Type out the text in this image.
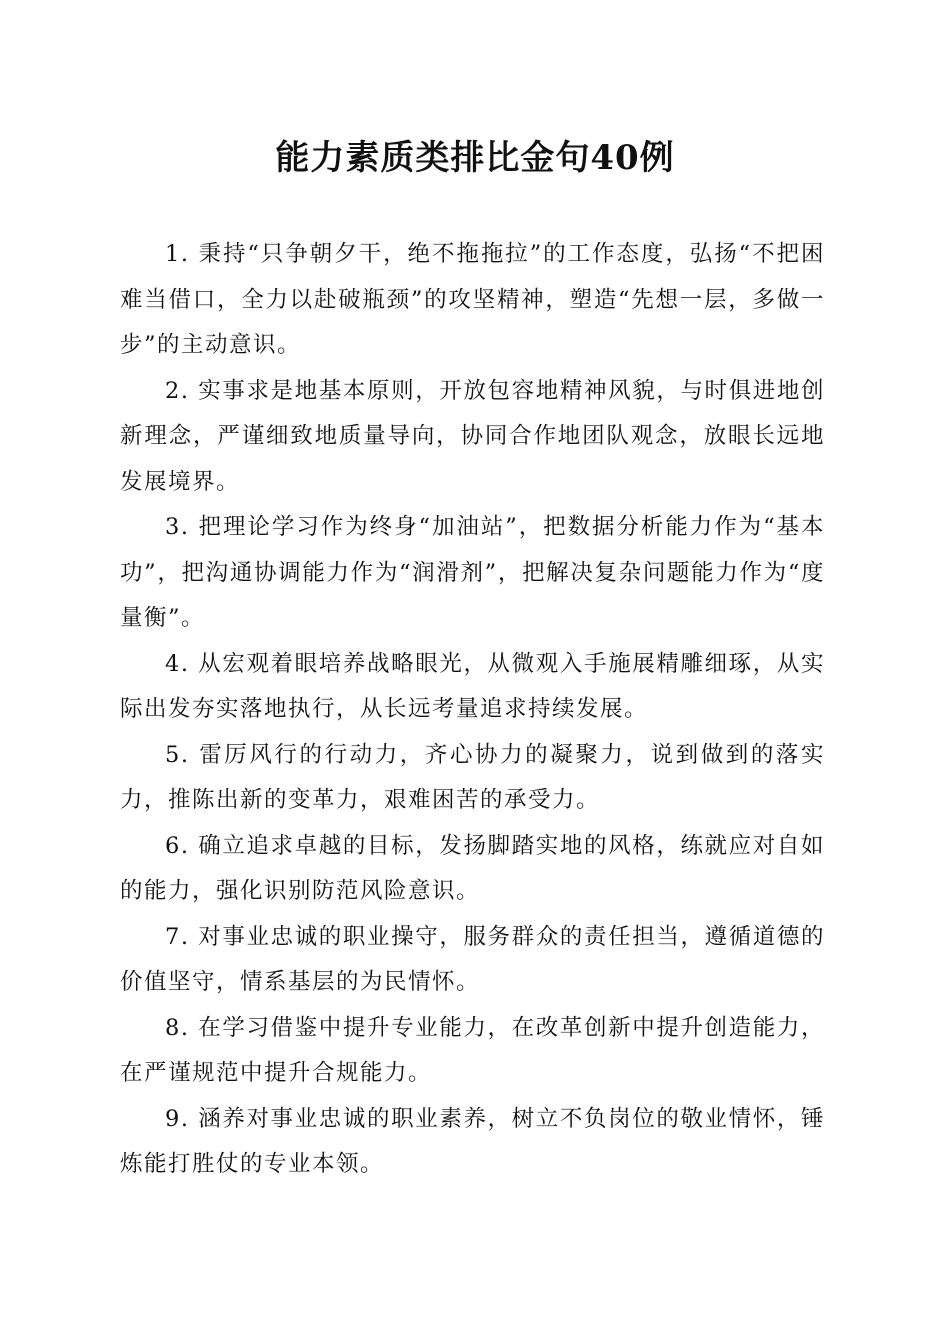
能力素质类排比金句40例

1. 秉持“只争朝夕干，绝不拖拖拉”的工作态度，弘扬“不把困难当借口，全力以赴破瓶颈”的攻坚精神，塑造“先想一层，多做一步”的主动意识。

2. 实事求是地基本原则，开放包容地精神风貌，与时俱进地创新理念，严谨细致地质量导向，协同合作地团队观念，放眼长远地发展境界。

3. 把理论学习作为终身“加油站”，把数据分析能力作为“基本功”，把沟通协调能力作为“润滑剂”，把解决复杂问题能力作为“度量衡”。

4. 从宏观着眼培养战略眼光，从微观入手施展精雕细琢，从实际出发夯实落地执行，从长远考量追求持续发展。

5. 雷厉风行的行动力，齐心协力的凝聚力，说到做到的落实力，推陈出新的变革力，艰难困苦的承受力。

6. 确立追求卓越的目标，发扬脚踏实地的风格，练就应对自如的能力，强化识别防范风险意识。

7. 对事业忠诚的职业操守，服务群众的责任担当，遵循道德的价值坚守，情系基层的为民情怀。

8. 在学习借鉴中提升专业能力，在改革创新中提升创造能力，在严谨规范中提升合规能力。

9. 涵养对事业忠诚的职业素养，树立不负岗位的敬业情怀，锤炼能打胜仗的专业本领。
